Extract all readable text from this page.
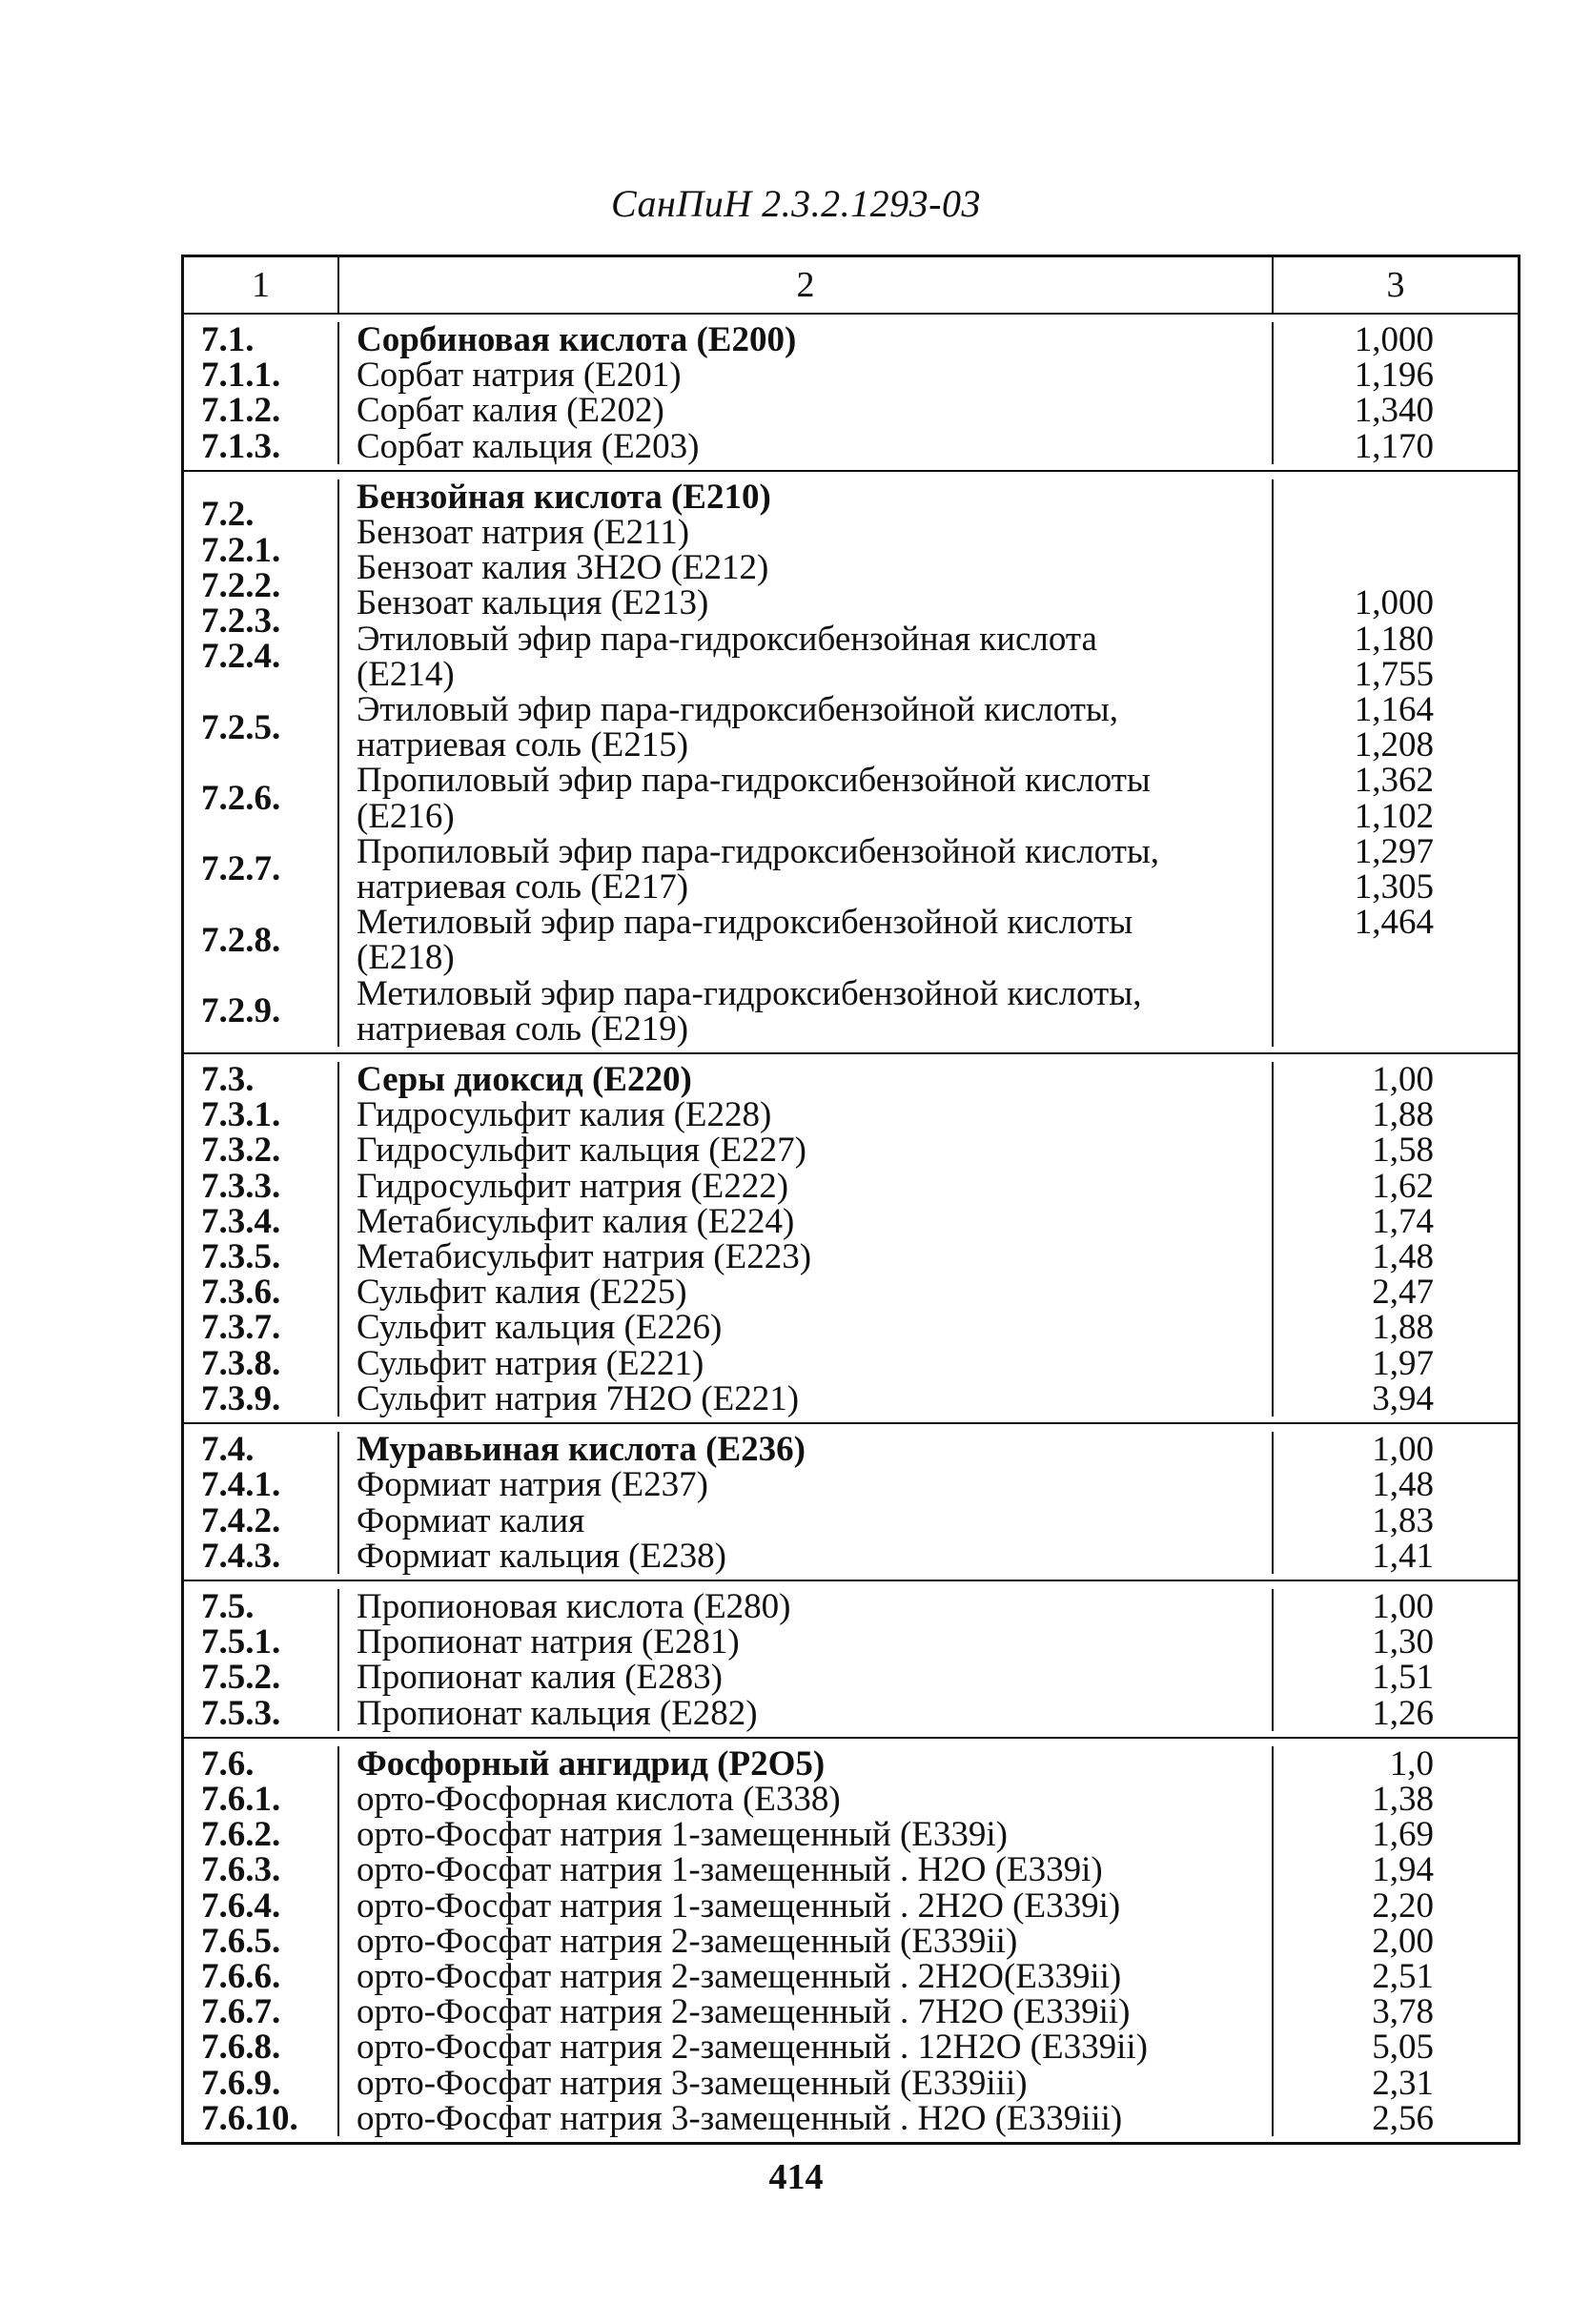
СанПиН 2.3.2.1293-03
1	2	3
7.1.
7.1.1.
7.1.2.
7.1.3.
Сорбиновая кислота (Е200)
Сорбат натрия (Е201)
Сорбат калия (Е202)
Сорбат кальция (Е203)
1,000
1,196
1,340
1,170
7.2.
7.2.1.
7.2.2.
7.2.3.
7.2.4.

7.2.5.

7.2.6.

7.2.7.

7.2.8.

7.2.9.
Бензойная кислота (Е210)
Бензоат натрия (Е211)
Бензоат калия 3Н2О (Е212)
Бензоат кальция (Е213)
Этиловый эфир пара-гидроксибензойная кислота
(Е214)
Этиловый эфир пара-гидроксибензойной кислоты,
натриевая соль (Е215)
Пропиловый эфир пара-гидроксибензойной кислоты
(Е216)
Пропиловый эфир пара-гидроксибензойной кислоты,
натриевая соль (Е217)
Метиловый эфир пара-гидроксибензойной кислоты
(Е218)
Метиловый эфир пара-гидроксибензойной кислоты,
натриевая соль (Е219)

1,000
1,180
1,755
1,164
1,208
1,362
1,102
1,297
1,305
1,464
7.3.
7.3.1.
7.3.2.
7.3.3.
7.3.4.
7.3.5.
7.3.6.
7.3.7.
7.3.8.
7.3.9.
Серы диоксид (Е220)
Гидросульфит калия (Е228)
Гидросульфит кальция (Е227)
Гидросульфит натрия (Е222)
Метабисульфит калия (Е224)
Метабисульфит натрия (Е223)
Сульфит калия (Е225)
Сульфит кальция (Е226)
Сульфит натрия (Е221)
Сульфит натрия 7Н2О (Е221)
1,00
1,88
1,58
1,62
1,74
1,48
2,47
1,88
1,97
3,94
7.4.
7.4.1.
7.4.2.
7.4.3.
Муравьиная кислота (Е236)
Формиат натрия (Е237)
Формиат калия
Формиат кальция (Е238)
1,00
1,48
1,83
1,41
7.5.
7.5.1.
7.5.2.
7.5.3.
Пропионовая кислота (Е280)
Пропионат натрия (Е281)
Пропионат калия (Е283)
Пропионат кальция (Е282)
1,00
1,30
1,51
1,26
7.6.
7.6.1.
7.6.2.
7.6.3.
7.6.4.
7.6.5.
7.6.6.
7.6.7.
7.6.8.
7.6.9.
7.6.10.
Фосфорный ангидрид (Р2О5)
орто-Фосфорная кислота (Е338)
орто-Фосфат натрия 1-замещенный (Е339i)
орто-Фосфат натрия 1-замещенный . Н2О (Е339i)
орто-Фосфат натрия 1-замещенный . 2Н2О (Е339i)
орто-Фосфат натрия 2-замещенный (Е339ii)
орто-Фосфат натрия 2-замещенный . 2Н2О(Е339ii)
орто-Фосфат натрия 2-замещенный . 7Н2О (Е339ii)
орто-Фосфат натрия 2-замещенный . 12Н2О (Е339ii)
орто-Фосфат натрия 3-замещенный (Е339iii)
орто-Фосфат натрия 3-замещенный . Н2О (Е339iii)
1,0
1,38
1,69
1,94
2,20
2,00
2,51
3,78
5,05
2,31
2,56
414
